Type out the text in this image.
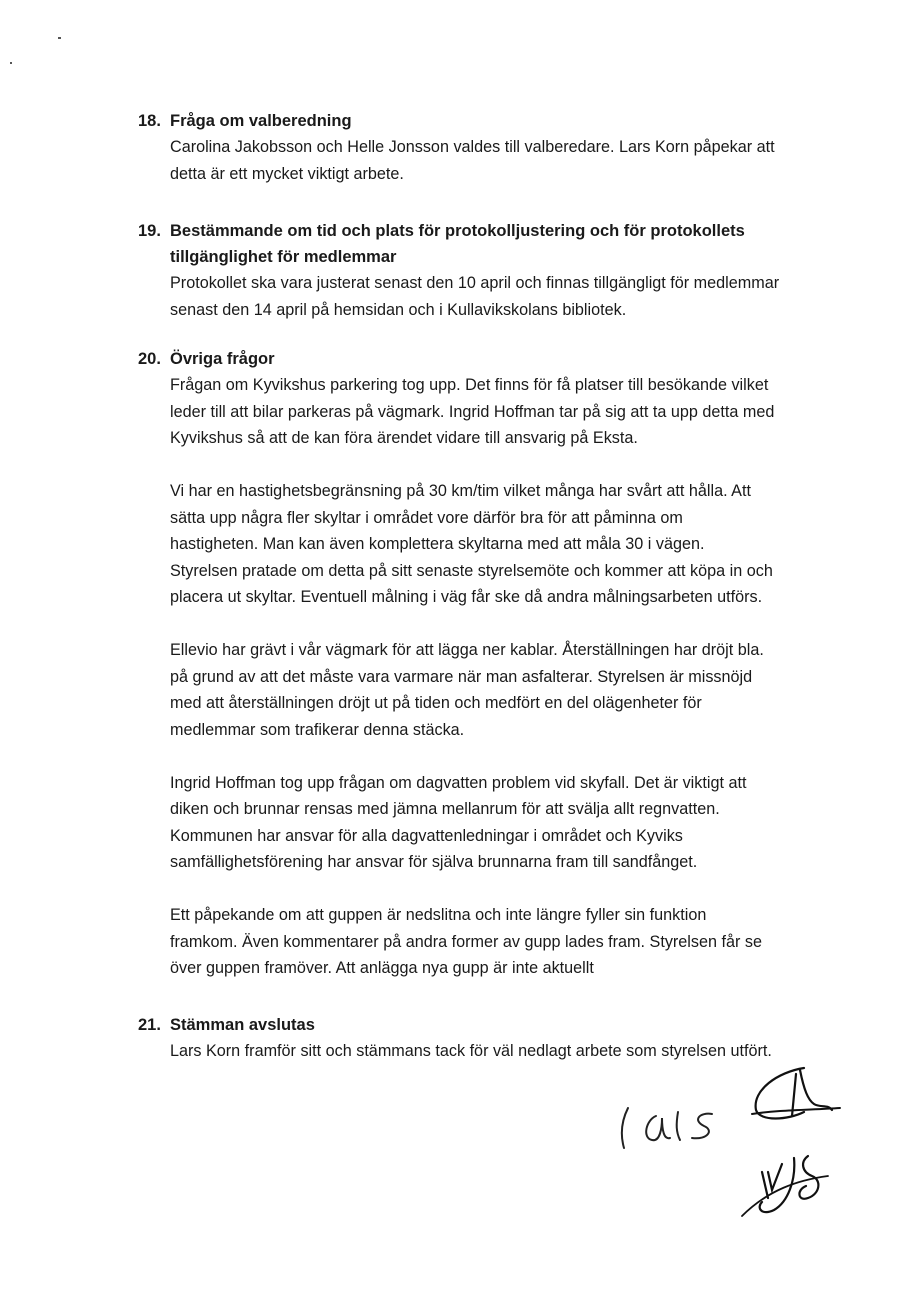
18. Fråga om valberedning

Carolina Jakobsson och Helle Jonsson valdes till valberedare. Lars Korn påpekar att
detta är ett mycket viktigt arbete.

19. Bestämmande om tid och plats för protokolljustering och för protokollets
tillgänglighet för medlemmar

Protokollet ska vara justerat senast den 10 april och finnas tillgängligt för medlemmar
senast den 14 april på hemsidan och i Kullavikskolans bibliotek.

20. Övriga frågor

Frågan om Kyvikshus parkering tog upp. Det finns för få platser till besökande vilket
leder till att bilar parkeras på vägmark. Ingrid Hoffman tar på sig att ta upp detta med
Kyvikshus så att de kan föra ärendet vidare till ansvarig på Eksta.

Vi har en hastighetsbegränsning på 30 km/tim vilket många har svårt att hålla. Att
sätta upp några fler skyltar i området vore därför bra för att påminna om
hastigheten. Man kan även komplettera skyltarna med att måla 30 i vägen.
Styrelsen pratade om detta på sitt senaste styrelsemöte och kommer att köpa in och
placera ut skyltar. Eventuell målning i väg får ske då andra målningsarbeten utförs.

Ellevio har grävt i vår vägmark för att lägga ner kablar. Återställningen har dröjt bla.
på grund av att det måste vara varmare när man asfalterar. Styrelsen är missnöjd
med att återställningen dröjt ut på tiden och medfört en del olägenheter för
medlemmar som trafikerar denna stäcka.

Ingrid Hoffman tog upp frågan om dagvatten problem vid skyfall. Det är viktigt att
diken och brunnar rensas med jämna mellanrum för att svälja allt regnvatten.
Kommunen har ansvar för alla dagvattenledningar i området och Kyviks
samfällighetsförening har ansvar för själva brunnarna fram till sandfånget.

Ett påpekande om att guppen är nedslitna och inte längre fyller sin funktion
framkom. Även kommentarer på andra former av gupp lades fram. Styrelsen får se
över guppen framöver. Att anlägga nya gupp är inte aktuellt

21. Stämman avslutas

Lars Korn framför sitt och stämmans tack för väl nedlagt arbete som styrelsen utfört.
